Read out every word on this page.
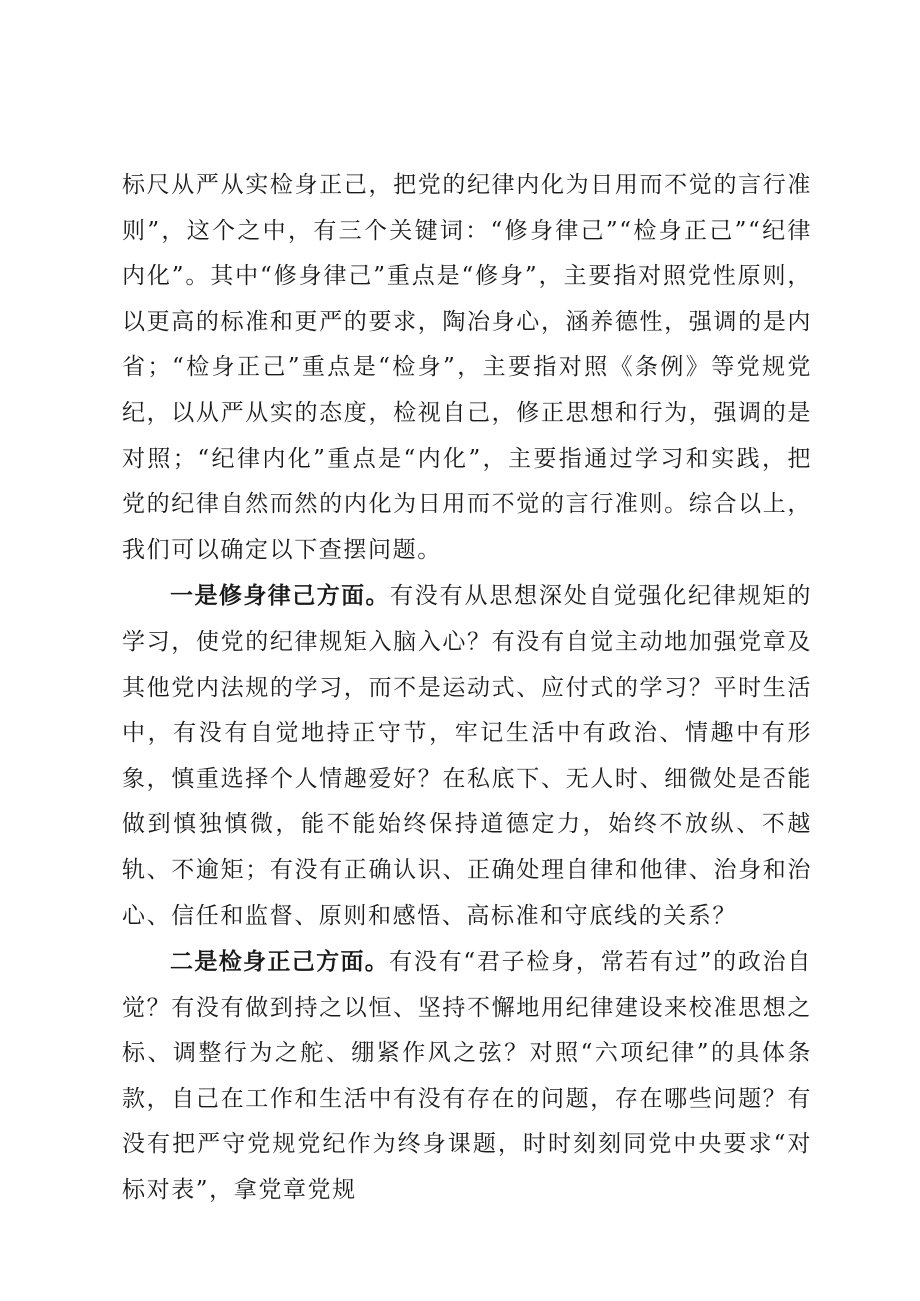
标尺从严从实检身正己，把党的纪律内化为日用而不觉的言行准则”，这个之中，有三个关键词：“修身律己”“检身正己”“纪律内化”。其中“修身律己”重点是“修身”，主要指对照党性原则，以更高的标准和更严的要求，陶冶身心，涵养德性，强调的是内省；“检身正己”重点是“检身”，主要指对照《条例》等党规党纪，以从严从实的态度，检视自己，修正思想和行为，强调的是对照；“纪律内化”重点是“内化”，主要指通过学习和实践，把党的纪律自然而然的内化为日用而不觉的言行准则。综合以上，我们可以确定以下查摆问题。

一是修身律己方面。有没有从思想深处自觉强化纪律规矩的学习，使党的纪律规矩入脑入心？有没有自觉主动地加强党章及其他党内法规的学习，而不是运动式、应付式的学习？平时生活中，有没有自觉地持正守节，牢记生活中有政治、情趣中有形象，慎重选择个人情趣爱好？在私底下、无人时、细微处是否能做到慎独慎微，能不能始终保持道德定力，始终不放纵、不越轨、不逾矩；有没有正确认识、正确处理自律和他律、治身和治心、信任和监督、原则和感悟、高标准和守底线的关系？

二是检身正己方面。有没有“君子检身，常若有过”的政治自觉？有没有做到持之以恒、坚持不懈地用纪律建设来校准思想之标、调整行为之舵、绷紧作风之弦？对照“六项纪律”的具体条款，自己在工作和生活中有没有存在的问题，存在哪些问题？有没有把严守党规党纪作为终身课题，时时刻刻同党中央要求“对标对表”，拿党章党规
